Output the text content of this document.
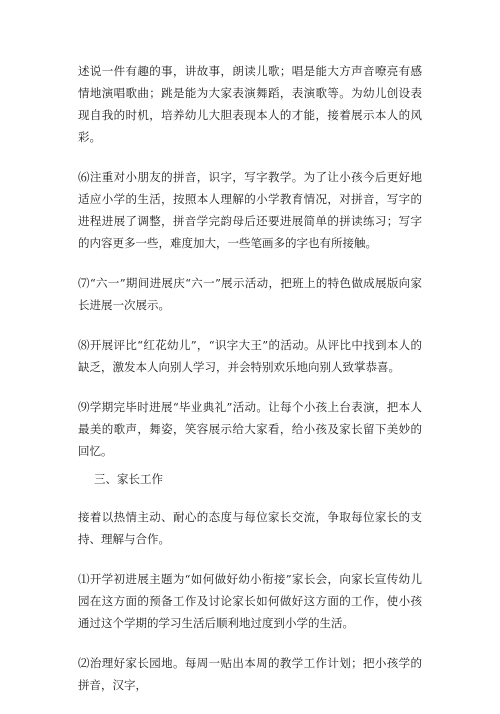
述说一件有趣的事，讲故事，朗读儿歌；唱是能大方声音嘹亮有感情地演唱歌曲；跳是能为大家表演舞蹈，表演歌等。为幼儿创设表现自我的时机，培养幼儿大胆表现本人的才能，接着展示本人的风彩。

⑹注重对小朋友的拼音，识字，写字教学。为了让小孩今后更好地适应小学的生活，按照本人理解的小学教育情况，对拼音，写字的进程进展了调整，拼音学完韵母后还要进展简单的拼读练习；写字的内容更多一些，难度加大，一些笔画多的字也有所接触。

⑺“六一”期间进展庆“六一”展示活动，把班上的特色做成展版向家长进展一次展示。

⑻开展评比“红花幼儿”，“识字大王”的活动。从评比中找到本人的缺乏，激发本人向别人学习，并会特别欢乐地向别人致掌恭喜。

⑼学期完毕时进展“毕业典礼”活动。让每个小孩上台表演，把本人最美的歌声，舞姿，笑容展示给大家看，给小孩及家长留下美妙的回忆。

三、家长工作

接着以热情主动、耐心的态度与每位家长交流，争取每位家长的支持、理解与合作。

⑴开学初进展主题为“如何做好幼小衔接”家长会，向家长宣传幼儿园在这方面的预备工作及讨论家长如何做好这方面的工作，使小孩通过这个学期的学习生活后顺利地过度到小学的生活。

⑵治理好家长园地。每周一贴出本周的教学工作计划；把小孩学的拼音，汉字，
